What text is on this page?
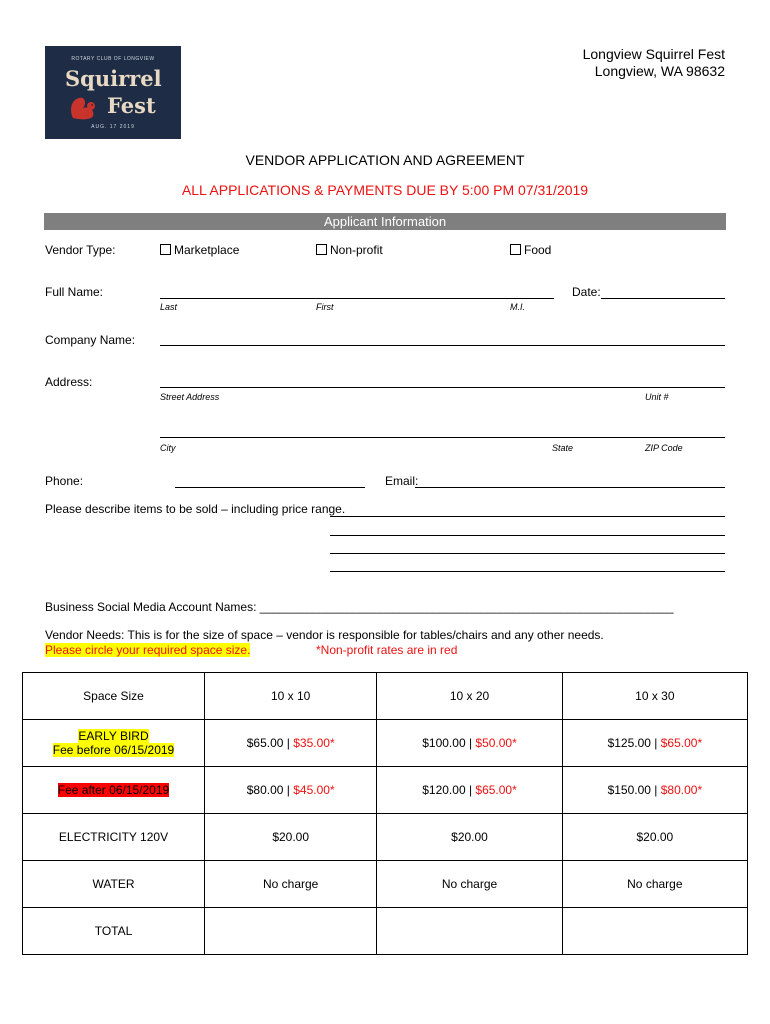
ROTARY CLUB OF LONGVIEW
Squirrel
Fest
AUG. 17 2019
Longview Squirrel Fest
Longview, WA 98632
VENDOR APPLICATION AND AGREEMENT
ALL APPLICATIONS & PAYMENTS DUE BY 5:00 PM 07/31/2019
Applicant Information
Vendor Type:	Marketplace	Non-profit	Food
Full Name:
Last	First	M.I.
Date:
Company Name:
Address:
Street Address	Unit #
City	State	ZIP Code
Phone:	Email:
Please describe items to be sold – including price range.
Business Social Media Account Names: ______________________________________________________________
Vendor Needs: This is for the size of space – vendor is responsible for tables/chairs and any other needs.
Please circle your required space size.	*Non-profit rates are in red
Space Size	10 x 10	10 x 20	10 x 30
EARLY BIRD
Fee before 06/15/2019	$65.00 | $35.00*	$100.00 | $50.00*	$125.00 | $65.00*
Fee after 06/15/2019	$80.00 | $45.00*	$120.00 | $65.00*	$150.00 | $80.00*
ELECTRICITY 120V	$20.00	$20.00	$20.00
WATER	No charge	No charge	No charge
TOTAL			
